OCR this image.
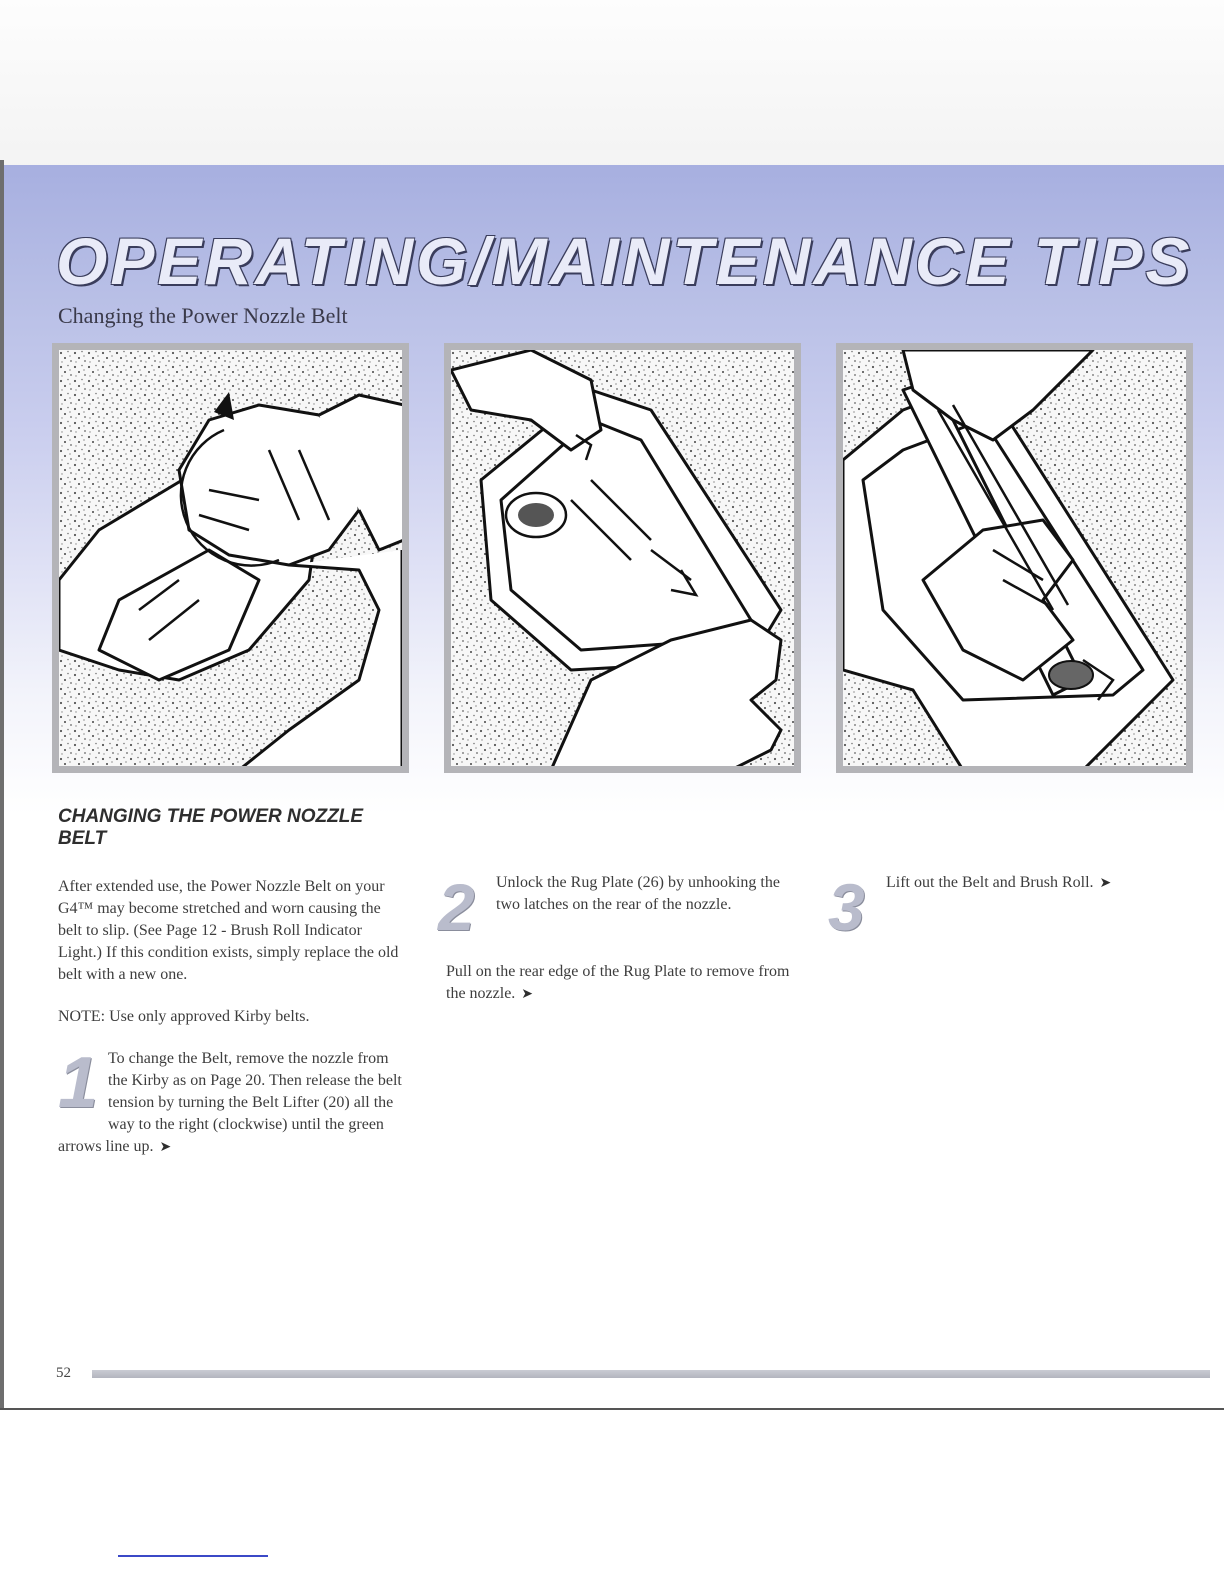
OPERATING/MAINTENANCE TIPS
Changing the Power Nozzle Belt
CHANGING THE POWER NOZZLE BELT

After extended use, the Power Nozzle Belt on your G4™ may become stretched and worn causing the belt to slip. (See Page 12 - Brush Roll Indicator Light.) If this condition exists, simply replace the old belt with a new one.

NOTE: Use only approved Kirby belts.

1 To change the Belt, remove the nozzle from the Kirby as on Page 20. Then release the belt tension by turning the Belt Lifter (20) all the way to the right (clockwise) until the green arrows line up. ➤
2	Unlock the Rug Plate (26) by unhooking the two latches on the rear of the nozzle.

Pull on the rear edge of the Rug Plate to remove from the nozzle. ➤

3	Lift out the Belt and Brush Roll. ➤
52
